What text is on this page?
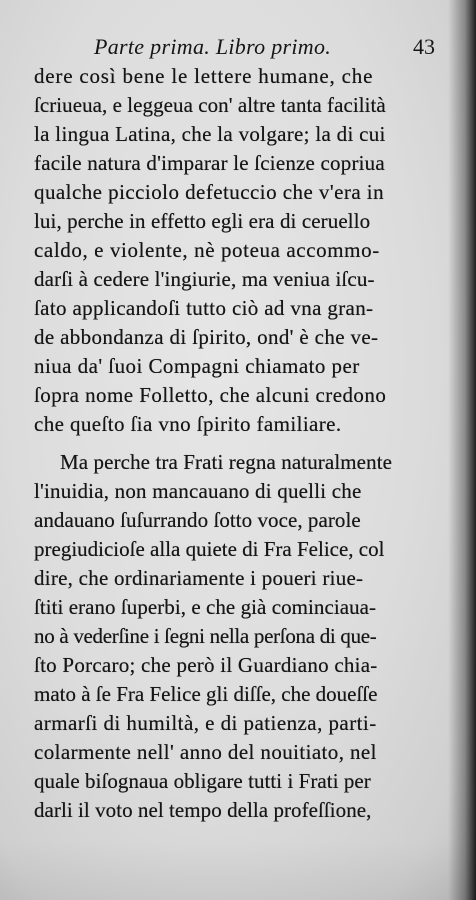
Parte prima. Libro primo.	43
dere così bene le lettere humane, che
ſcriueua, e leggeua con' altre tanta facilità
la lingua Latina, che la volgare; la di cui
facile natura d'imparar le ſcienze copriua
qualche picciolo defetuccio che v'era in
lui, perche in effetto egli era di ceruello
caldo, e violente, nè poteua accommo-
darſi à cedere l'ingiurie, ma veniua iſcu-
ſato applicandoſi tutto ciò ad vna gran-
de abbondanza di ſpirito, ond' è che ve-
niua da' ſuoi Compagni chiamato per
ſopra nome Folletto, che alcuni credono
che queſto ſia vno ſpirito familiare.
Ma perche tra Frati regna naturalmente
l'inuidia, non mancauano di quelli che
andauano ſuſurrando ſotto voce, parole
pregiudicioſe alla quiete di Fra Felice, col
dire, che ordinariamente i poueri riue-
ſtiti erano ſuperbi, e che già cominciaua-
no à vederſine i ſegni nella perſona di que-
ſto Porcaro; che però il Guardiano chia-
mato à ſe Fra Felice gli diſſe, che doueſſe
armarſi di humiltà, e di patienza, parti-
colarmente nell' anno del nouitiato, nel
quale biſognaua obligare tutti i Frati per
darli il voto nel tempo della profeſſione,
